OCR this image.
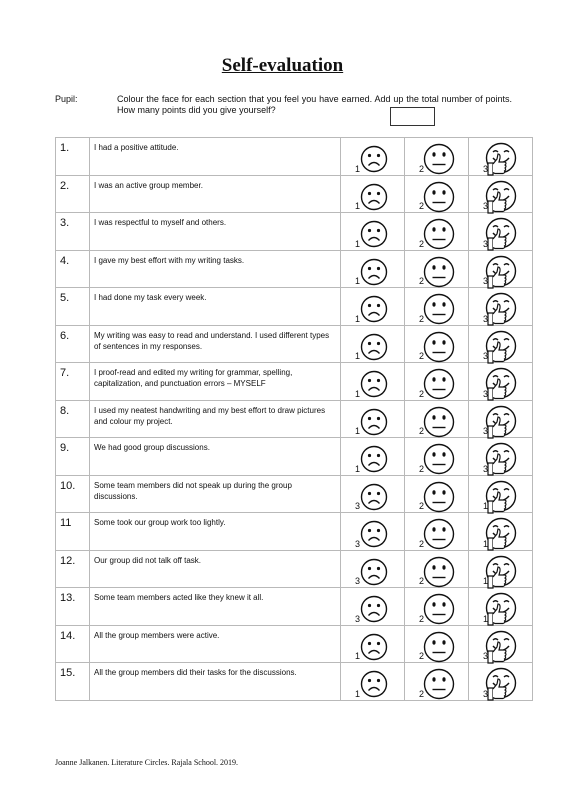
Self-evaluation
Pupil:	Colour the face for each section that you feel you have earned. Add up the total number of points. How many points did you give yourself?
1.	I had a positive attitude.	1	2	3

2.	I was an active group member.	1	2	3

3.	I was respectful to myself and others.	1	2	3

4.	I gave my best effort with my writing tasks.	1	2	3

5.	I had done my task every week.	1	2	3

6.	My writing was easy to read and understand. I used different types of sentences in my responses.	1	2	3

7.	I proof-read and edited my writing for grammar, spelling, capitalization, and punctuation errors – MYSELF	1	2	3

8.	I used my neatest handwriting and my best effort to draw pictures and colour my project.	1	2	3

9.	We had good group discussions.	1	2	3

10.	Some team members did not speak up during the group discussions.	3	2	1

11	Some took our group work too lightly.	3	2	1

12.	Our group did not talk off task.	3	2	1

13.	Some team members acted like they knew it all.	3	2	1

14.	All the group members were active.	1	2	3

15.	All the group members did their tasks for the discussions.	1	2	3
Joanne Jalkanen. Literature Circles. Rajala School. 2019.
